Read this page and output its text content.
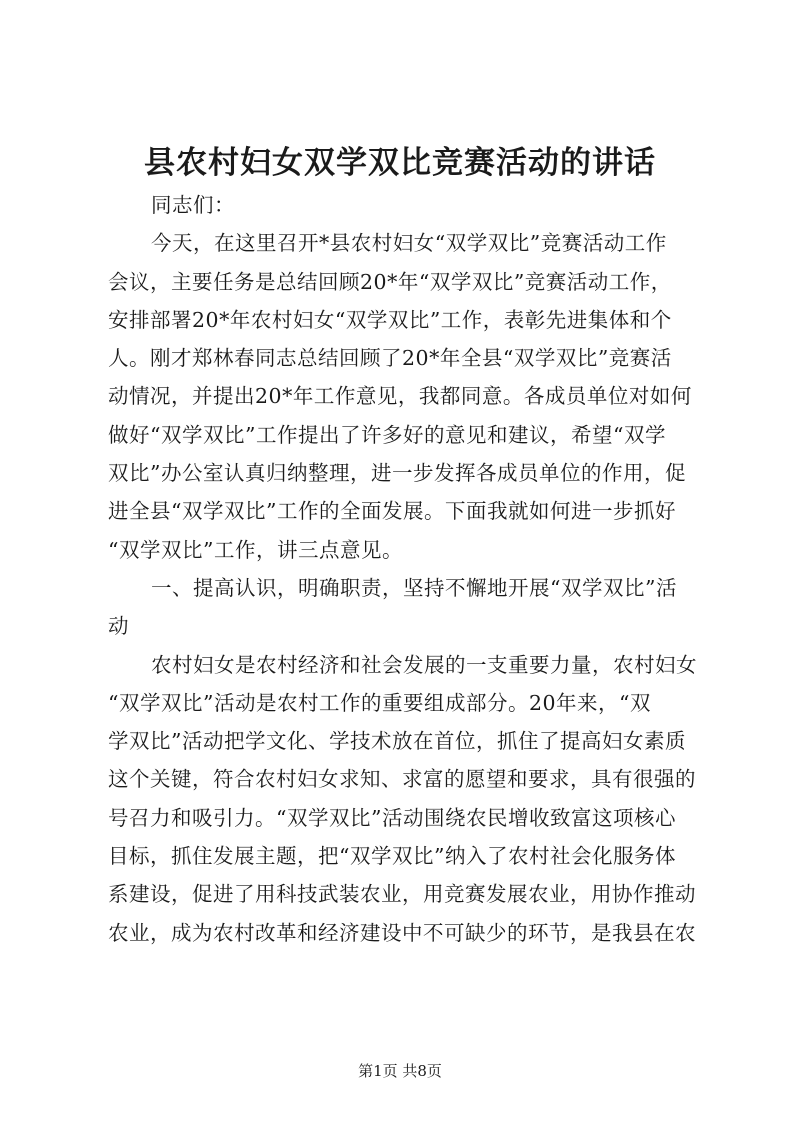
县农村妇女双学双比竞赛活动的讲话
同志们：
今天，在这里召开*县农村妇女“双学双比”竞赛活动工作
会议，主要任务是总结回顾20*年“双学双比”竞赛活动工作，
安排部署20*年农村妇女“双学双比”工作，表彰先进集体和个
人。刚才郑林春同志总结回顾了20*年全县“双学双比”竞赛活
动情况，并提出20*年工作意见，我都同意。各成员单位对如何
做好“双学双比”工作提出了许多好的意见和建议，希望“双学
双比”办公室认真归纳整理，进一步发挥各成员单位的作用，促
进全县“双学双比”工作的全面发展。下面我就如何进一步抓好
“双学双比”工作，讲三点意见。
一、提高认识，明确职责，坚持不懈地开展“双学双比”活
动
农村妇女是农村经济和社会发展的一支重要力量，农村妇女
“双学双比”活动是农村工作的重要组成部分。20年来，“双
学双比”活动把学文化、学技术放在首位，抓住了提高妇女素质
这个关键，符合农村妇女求知、求富的愿望和要求，具有很强的
号召力和吸引力。“双学双比”活动围绕农民增收致富这项核心
目标，抓住发展主题，把“双学双比”纳入了农村社会化服务体
系建设，促进了用科技武装农业，用竞赛发展农业，用协作推动
农业，成为农村改革和经济建设中不可缺少的环节，是我县在农
第1页 共8页
